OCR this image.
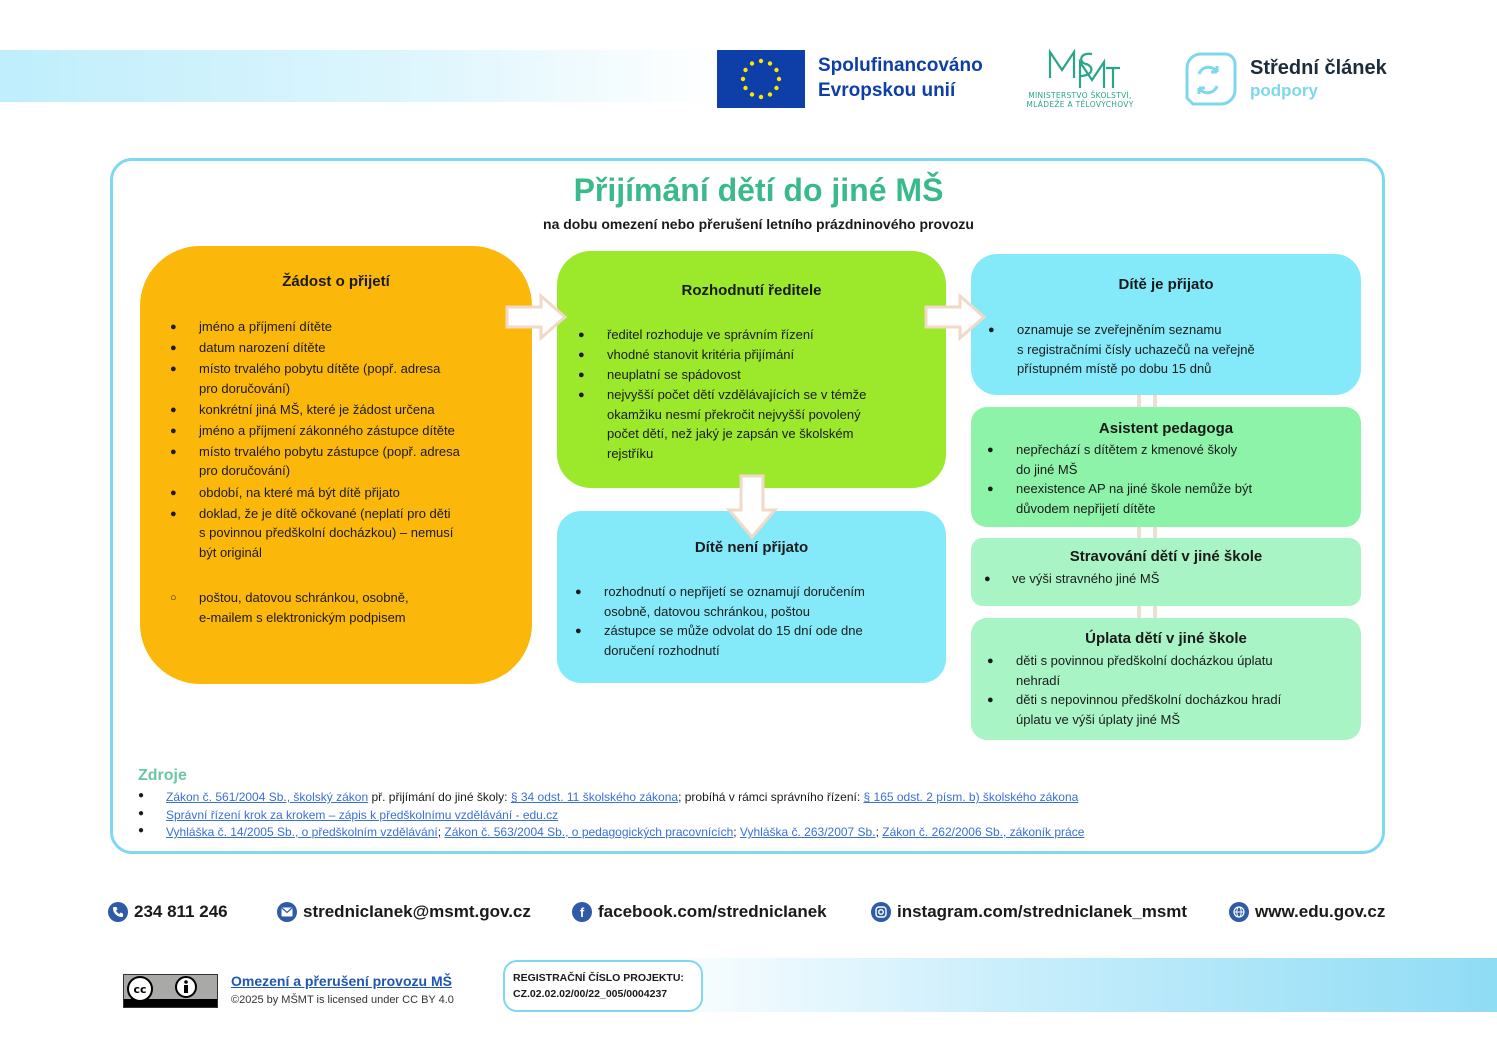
Spolufinancováno
Evropskou unií	MINISTERSTVO ŠKOLSTVÍ,
MLÁDEŽE A TĚLOVÝCHOVY
Střední článek
podpory
Přijímání dětí do jiné MŠ
na dobu omezení nebo přerušení letního prázdninového provozu
Žádost o přijetí
● jméno a příjmení dítěte
● datum narození dítěte
● místo trvalého pobytu dítěte (popř. adresa
pro doručování)
● konkrétní jiná MŠ, které je žádost určena
● jméno a příjmení zákonného zástupce dítěte
● místo trvalého pobytu zástupce (popř. adresa
pro doručování)
● období, na které má být dítě přijato
● doklad, že je dítě očkované (neplatí pro děti
s povinnou předškolní docházkou) – nemusí
být originál
○ poštou, datovou schránkou, osobně,
e-mailem s elektronickým podpisem
Rozhodnutí ředitele
● ředitel rozhoduje ve správním řízení
● vhodné stanovit kritéria přijímání
● neuplatní se spádovost
● nejvyšší počet dětí vzdělávajících se v témže
okamžiku nesmí překročit nejvyšší povolený
počet dětí, než jaký je zapsán ve školském
rejstříku
Dítě není přijato
● rozhodnutí o nepřijetí se oznamují doručením
osobně, datovou schránkou, poštou
● zástupce se může odvolat do 15 dní ode dne
doručení rozhodnutí
Dítě je přijato
● oznamuje se zveřejněním seznamu
s registračními čísly uchazečů na veřejně
přístupném místě po dobu 15 dnů
Asistent pedagoga
● nepřechází s dítětem z kmenové školy
do jiné MŠ
● neexistence AP na jiné škole nemůže být
důvodem nepřijetí dítěte
Stravování dětí v jiné škole
● ve výši stravného jiné MŠ
Úplata dětí v jiné škole
● děti s povinnou předškolní docházkou úplatu
nehradí
● děti s nepovinnou předškolní docházkou hradí
úplatu ve výši úplaty jiné MŠ
Zdroje
● Zákon č. 561/2004 Sb., školský zákon př. přijímání do jiné školy: § 34 odst. 11 školského zákona; probíhá v rámci správního řízení: § 165 odst. 2 písm. b) školského zákona
● Správní řízení krok za krokem – zápis k předškolnímu vzdělávání - edu.cz
● Vyhláška č. 14/2005 Sb., o předškolním vzdělávání; Zákon č. 563/2004 Sb., o pedagogických pracovnících; Vyhláška č. 263/2007 Sb.; Zákon č. 262/2006 Sb., zákoník práce
234 811 246	strednicIanek@msmt.gov.cz	f facebook.com/strednicIanek	instagram.com/strednicIanek_msmt	www.edu.gov.cz
cc
Omezení a přerušení provozu MŠ
©2025 by MŠMT is licensed under CC BY 4.0
REGISTRAČNÍ ČÍSLO PROJEKTU:
CZ.02.02.02/00/22_005/0004237
